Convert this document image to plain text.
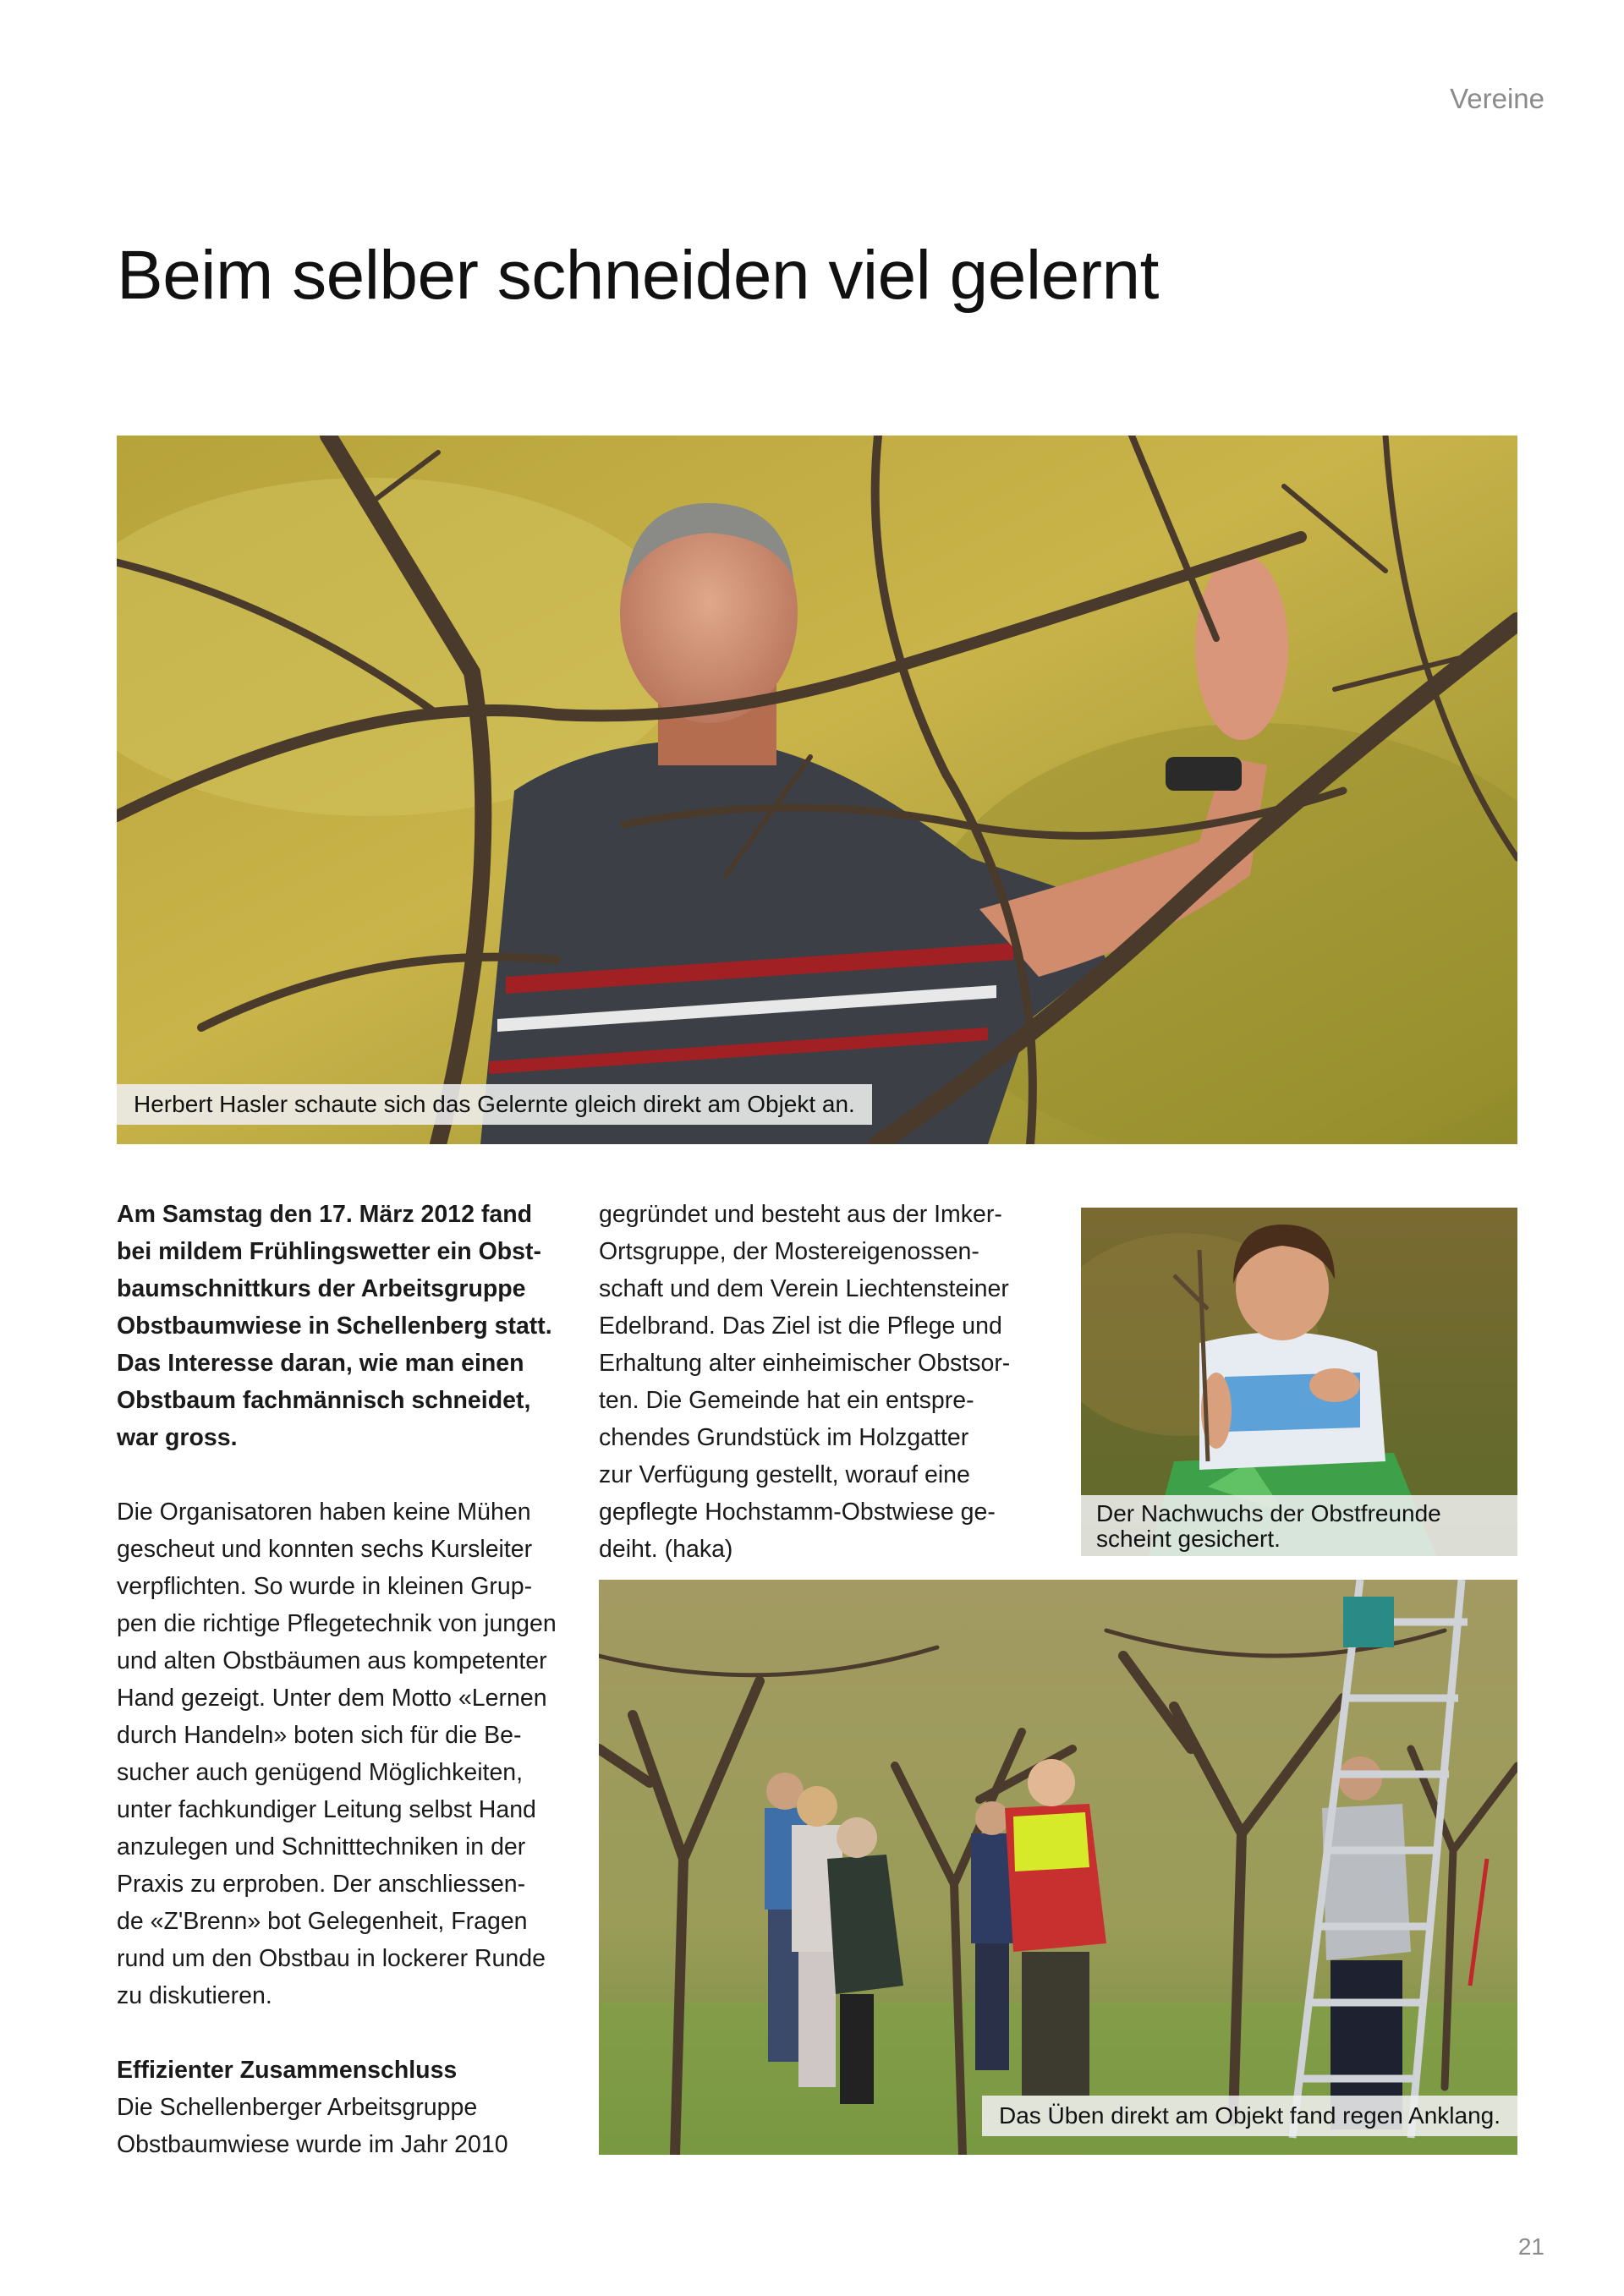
Vereine
Beim selber schneiden viel gelernt
Herbert Hasler schaute sich das Gelernte gleich direkt am Objekt an.

Am Samstag den 17. März 2012 fand

bei mildem Frühlingswetter ein Obst-

baumschnittkurs der Arbeitsgruppe

Obstbaumwiese in Schellenberg statt.

Das Interesse daran, wie man einen

Obstbaum fachmännisch schneidet,

war gross.

Die Organisatoren haben keine Mühen

gescheut und konnten sechs Kursleiter

verpflichten. So wurde in kleinen Grup-

pen die richtige Pflegetechnik von jungen

und alten Obstbäumen aus kompetenter

Hand gezeigt. Unter dem Motto «Lernen

durch Handeln» boten sich für die Be-

sucher auch genügend Möglichkeiten,

unter fachkundiger Leitung selbst Hand

anzulegen und Schnitttechniken in der

Praxis zu erproben. Der anschliessen-

de «Z'Brenn» bot Gelegenheit, Fragen

rund um den Obstbau in lockerer Runde

zu diskutieren.

Effizienter Zusammenschluss

Die Schellenberger Arbeitsgruppe

Obstbaumwiese wurde im Jahr 2010

gegründet und besteht aus der Imker-

Ortsgruppe, der Mostereigenossen-

schaft und dem Verein Liechtensteiner

Edelbrand. Das Ziel ist die Pflege und

Erhaltung alter einheimischer Obstsor-

ten. Die Gemeinde hat ein entspre-

chendes Grundstück im Holzgatter

zur Verfügung gestellt, worauf eine

gepflegte Hochstamm-Obstwiese ge-

deiht. (haka)

Der Nachwuchs der Obstfreunde
scheint gesichert.
Das Üben direkt am Objekt fand regen Anklang.
21
